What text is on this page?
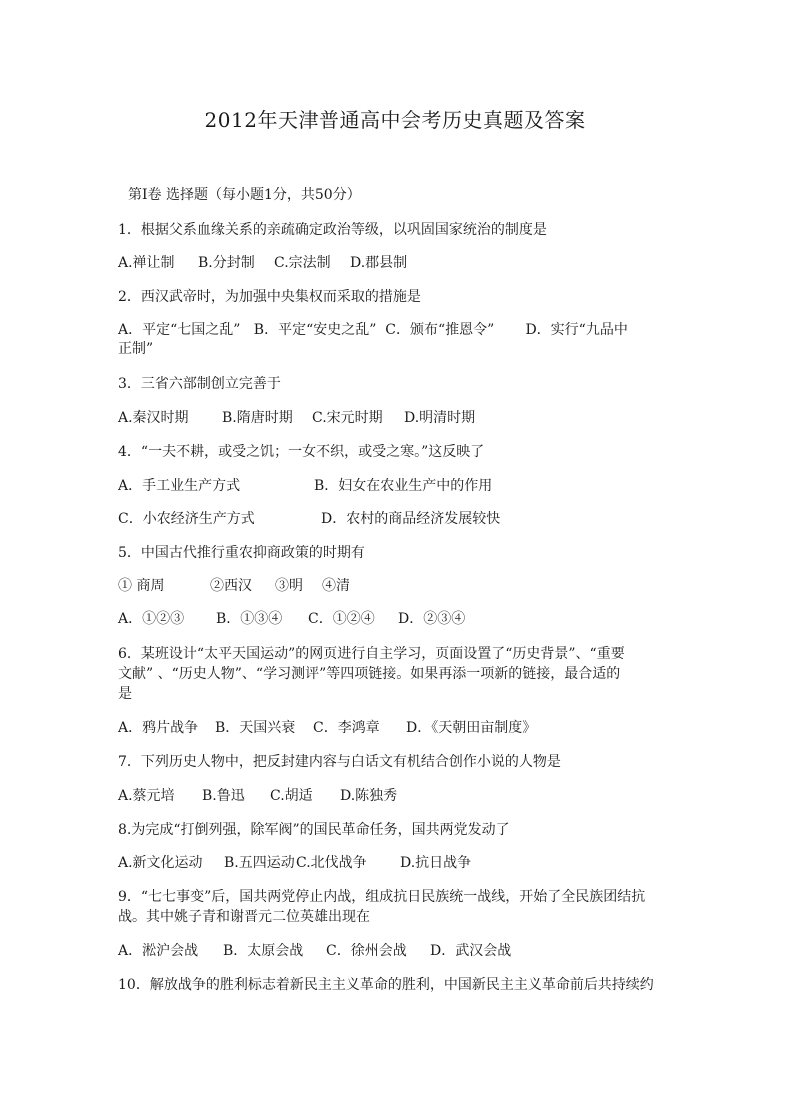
2012年天津普通高中会考历史真题及答案
第Ⅰ卷 选择题（每小题1分，共50分）
1．根据父系血缘关系的亲疏确定政治等级，以巩固国家统治的制度是
A.禅让制 B.分封制 C.宗法制 D.郡县制
2．西汉武帝时，为加强中央集权而采取的措施是
A．平定“七国之乱”   B．平定“安史之乱”  C．颁布“推恩令”       D．实行“九品中
正制”
3．三省六部制创立完善于
A.秦汉时期 B.隋唐时期 C.宋元时期 D.明清时期
4．“一夫不耕，或受之饥；一女不织，或受之寒。”这反映了
A．手工业生产方式	B．妇女在农业生产中的作用
C．小农经济生产方式	D．农村的商品经济发展较快
5．中国古代推行重农抑商政策的时期有
① 商周	②西汉 ③明 ④清
A．①②③ B．①③④ C．①②④ D．②③④
6．某班设计“太平天国运动”的网页进行自主学习，页面设置了“历史背景”、“重要
文献” 、“历史人物”、“学习测评”等四项链接。如果再添一项新的链接，最合适的
是
A．鸦片战争 B．天国兴衰 C．李鸿章 D．《天朝田亩制度》
7．下列历史人物中，把反封建内容与白话文有机结合创作小说的人物是
A.蔡元培 B.鲁迅 C.胡适 D.陈独秀
8.为完成“打倒列强，除军阀”的国民革命任务，国共两党发动了
A.新文化运动 B.五四运动C.北伐战争 D.抗日战争
9．“七七事变”后，国共两党停止内战，组成抗日民族统一战线，开始了全民族团结抗
战。其中姚子青和谢晋元二位英雄出现在
A．淞沪会战 B．太原会战 C．徐州会战 D．武汉会战
10．解放战争的胜利标志着新民主主义革命的胜利，中国新民主主义革命前后共持续约
